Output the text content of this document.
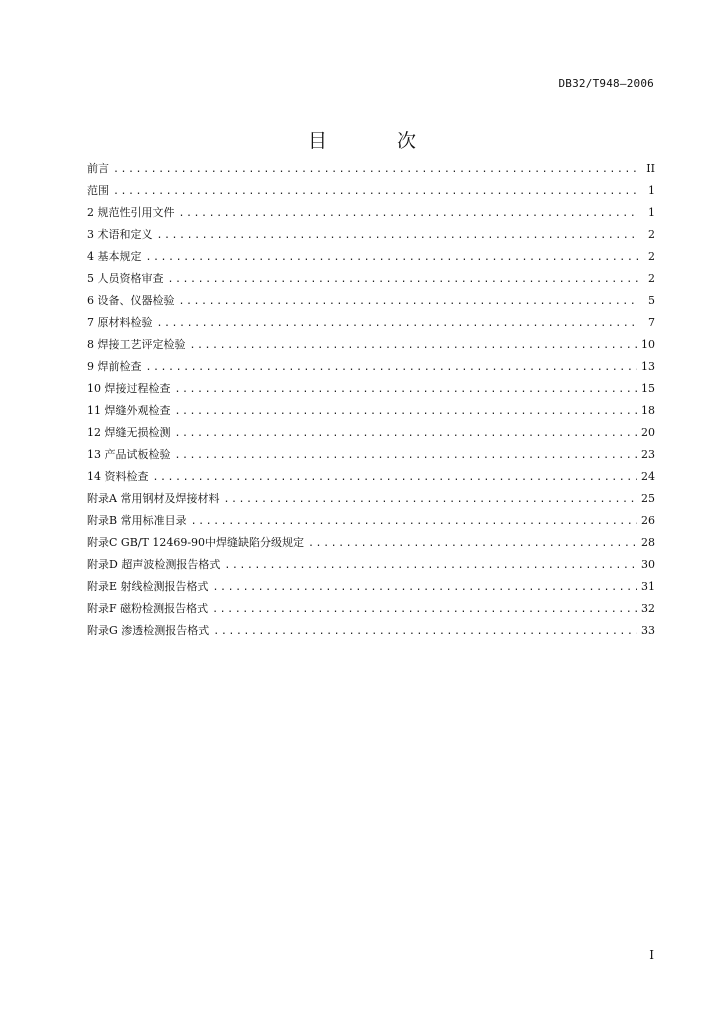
DB32/T948—2006
目 次
前言 .....	II
范围 .....	1
2 规范性引用文件 .....	1
3 术语和定义 .....	2
4 基本规定 .....	2
5 人员资格审查 .....	2
6 设备、仪器检验 .....	5
7 原材料检验 .....	7
8 焊接工艺评定检验 .....	10
9 焊前检查 .....	13
10 焊接过程检查 .....	15
11 焊缝外观检查 .....	18
12 焊缝无损检测 .....	20
13 产品试板检验 .....	23
14 资料检查 .....	24
附录A 常用钢材及焊接材料 .....	25
附录B 常用标准目录 .....	26
附录C GB/T 12469-90中焊缝缺陷分级规定 .....	28
附录D 超声波检测报告格式 .....	30
附录E 射线检测报告格式 .....	31
附录F 磁粉检测报告格式 .....	32
附录G 渗透检测报告格式 .....	33
I
